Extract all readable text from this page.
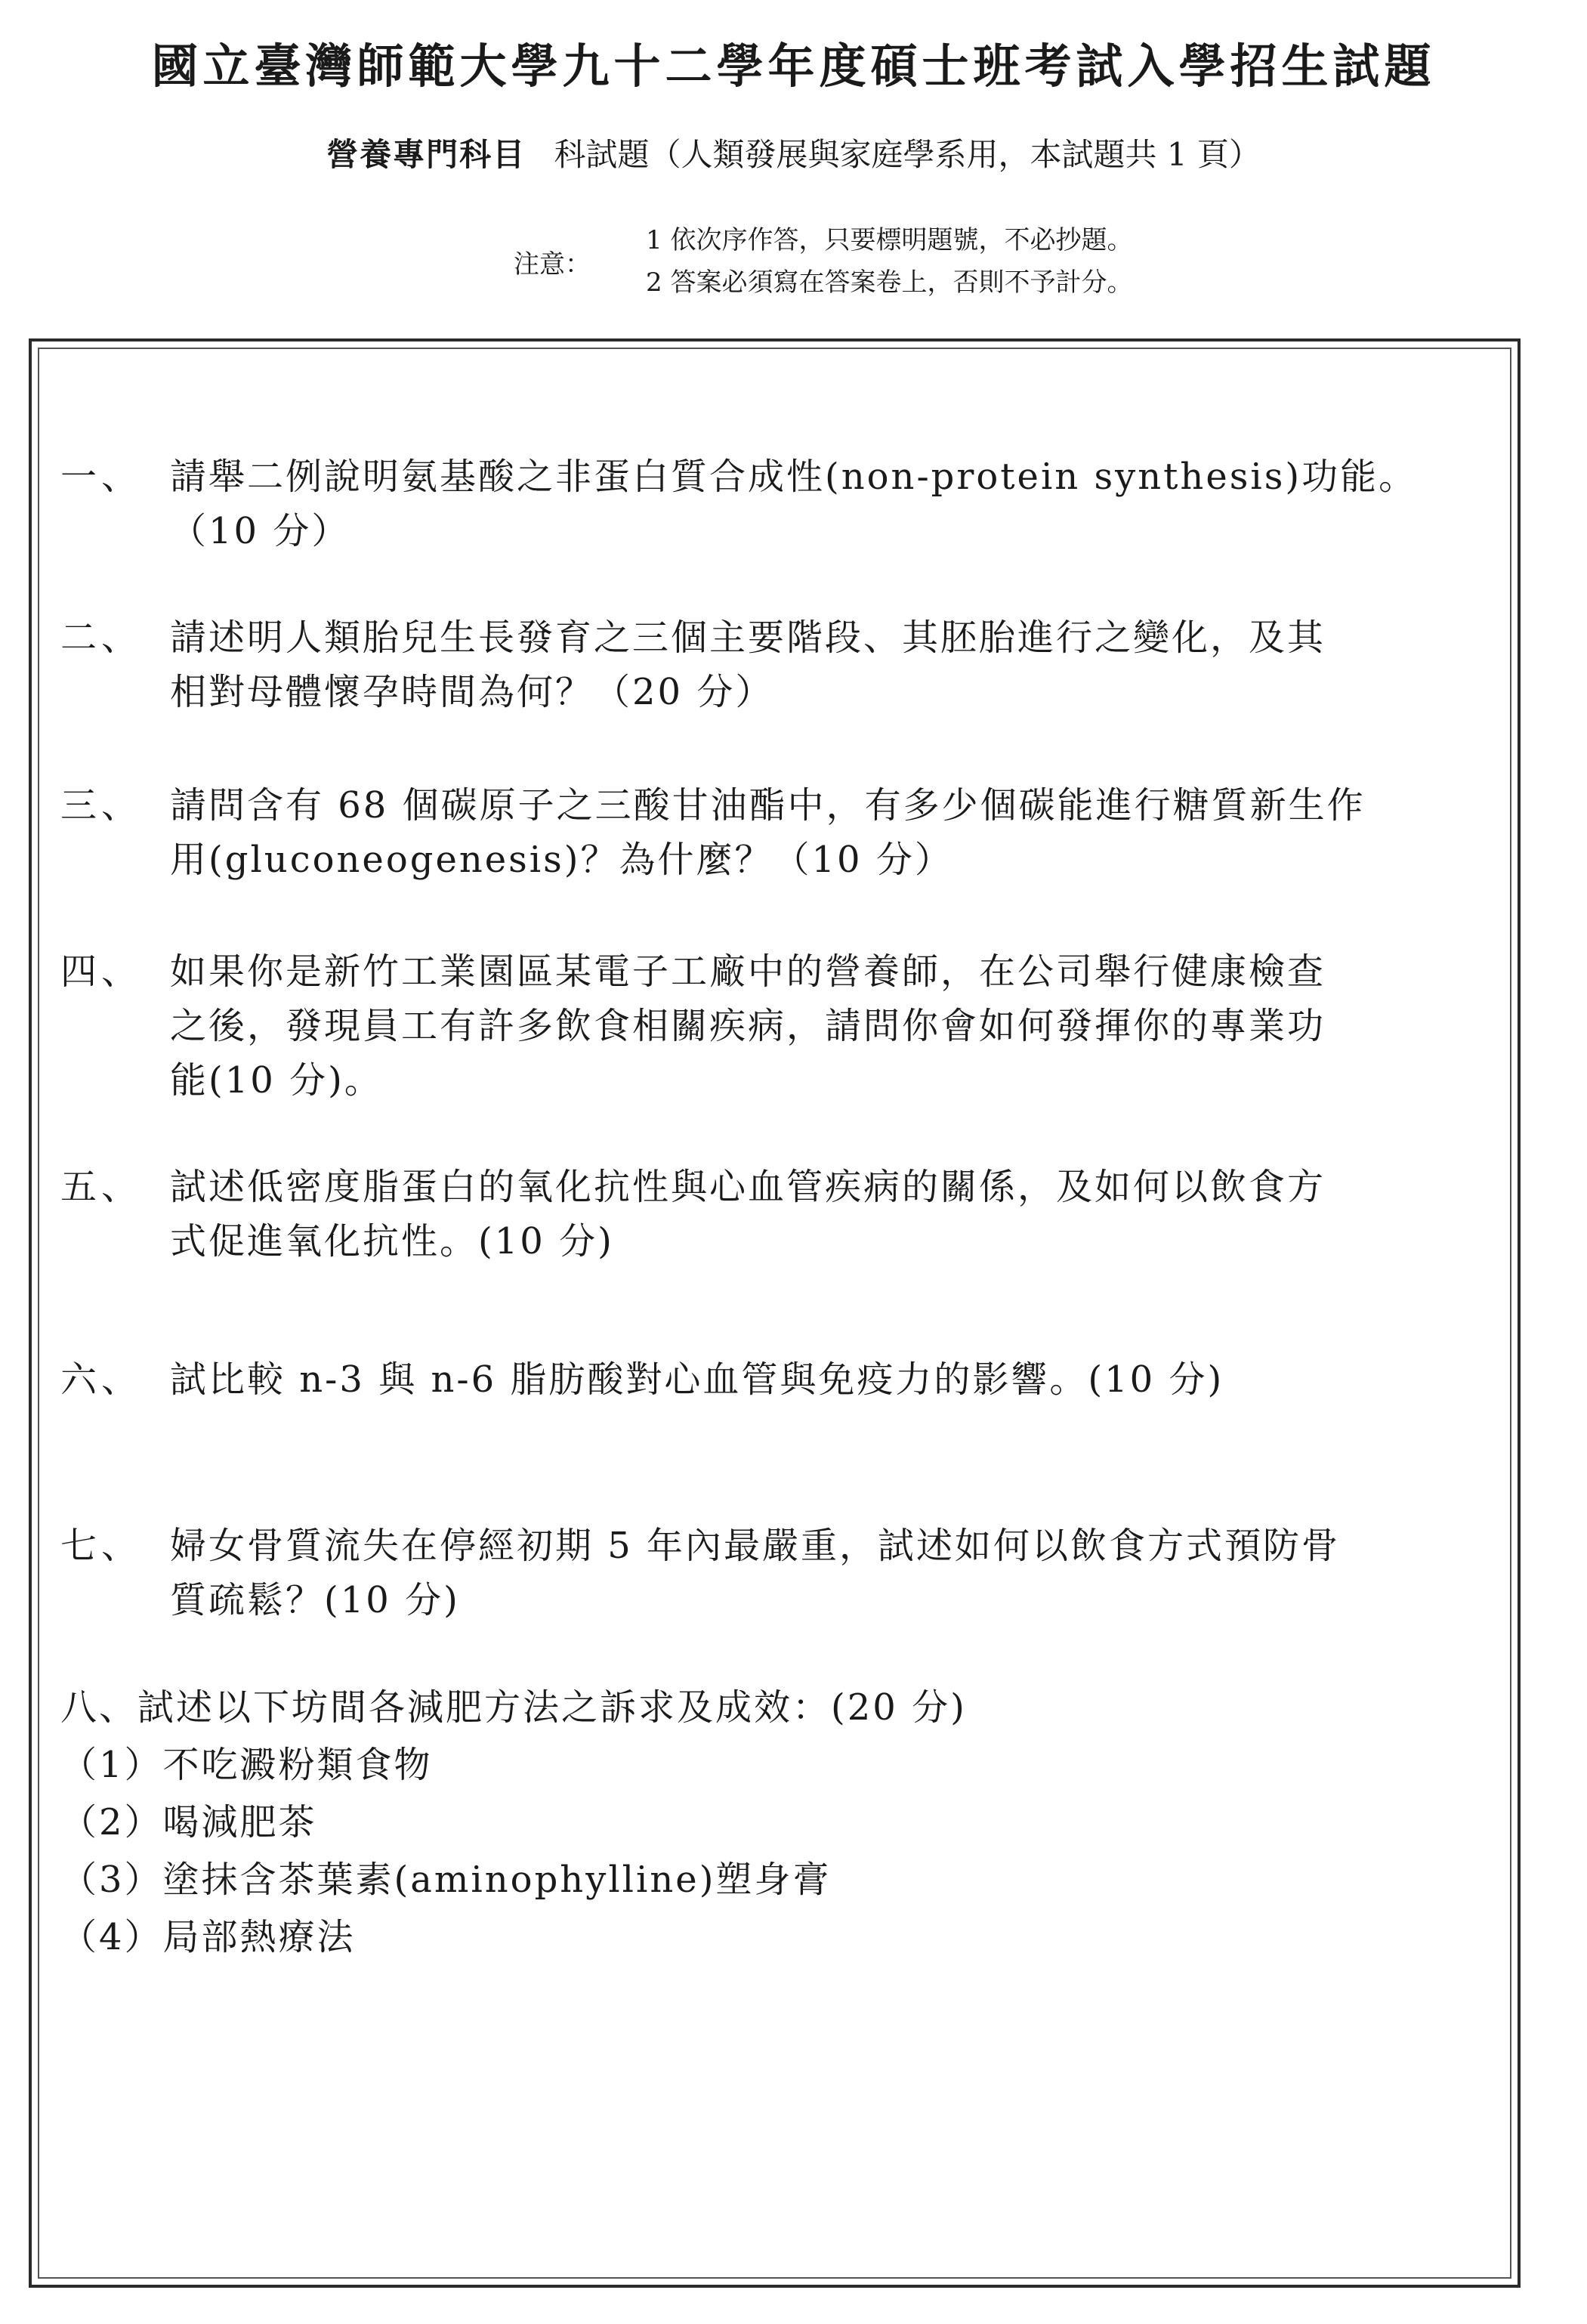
國立臺灣師範大學九十二學年度碩士班考試入學招生試題
營養專門科目 科試題（人類發展與家庭學系用，本試題共 1 頁）
注意：
1 依次序作答，只要標明題號，不必抄題。
2 答案必須寫在答案卷上，否則不予計分。
一、 請舉二例說明氨基酸之非蛋白質合成性(non-protein synthesis)功能。
（10 分）
二、 請述明人類胎兒生長發育之三個主要階段、其胚胎進行之變化，及其
相對母體懷孕時間為何？（20 分）
三、 請問含有 68 個碳原子之三酸甘油酯中，有多少個碳能進行糖質新生作
用(gluconeogenesis)？為什麼？（10 分）
四、 如果你是新竹工業園區某電子工廠中的營養師，在公司舉行健康檢查
之後，發現員工有許多飲食相關疾病，請問你會如何發揮你的專業功
能(10 分)。
五、 試述低密度脂蛋白的氧化抗性與心血管疾病的關係，及如何以飲食方
式促進氧化抗性。(10 分)
六、 試比較 n-3 與 n-6 脂肪酸對心血管與免疫力的影響。(10 分)
七、 婦女骨質流失在停經初期 5 年內最嚴重，試述如何以飲食方式預防骨
質疏鬆？(10 分)
八、試述以下坊間各減肥方法之訴求及成效：(20 分)
（1）不吃澱粉類食物
（2）喝減肥茶
（3）塗抹含茶葉素(aminophylline)塑身膏
（4）局部熱療法
